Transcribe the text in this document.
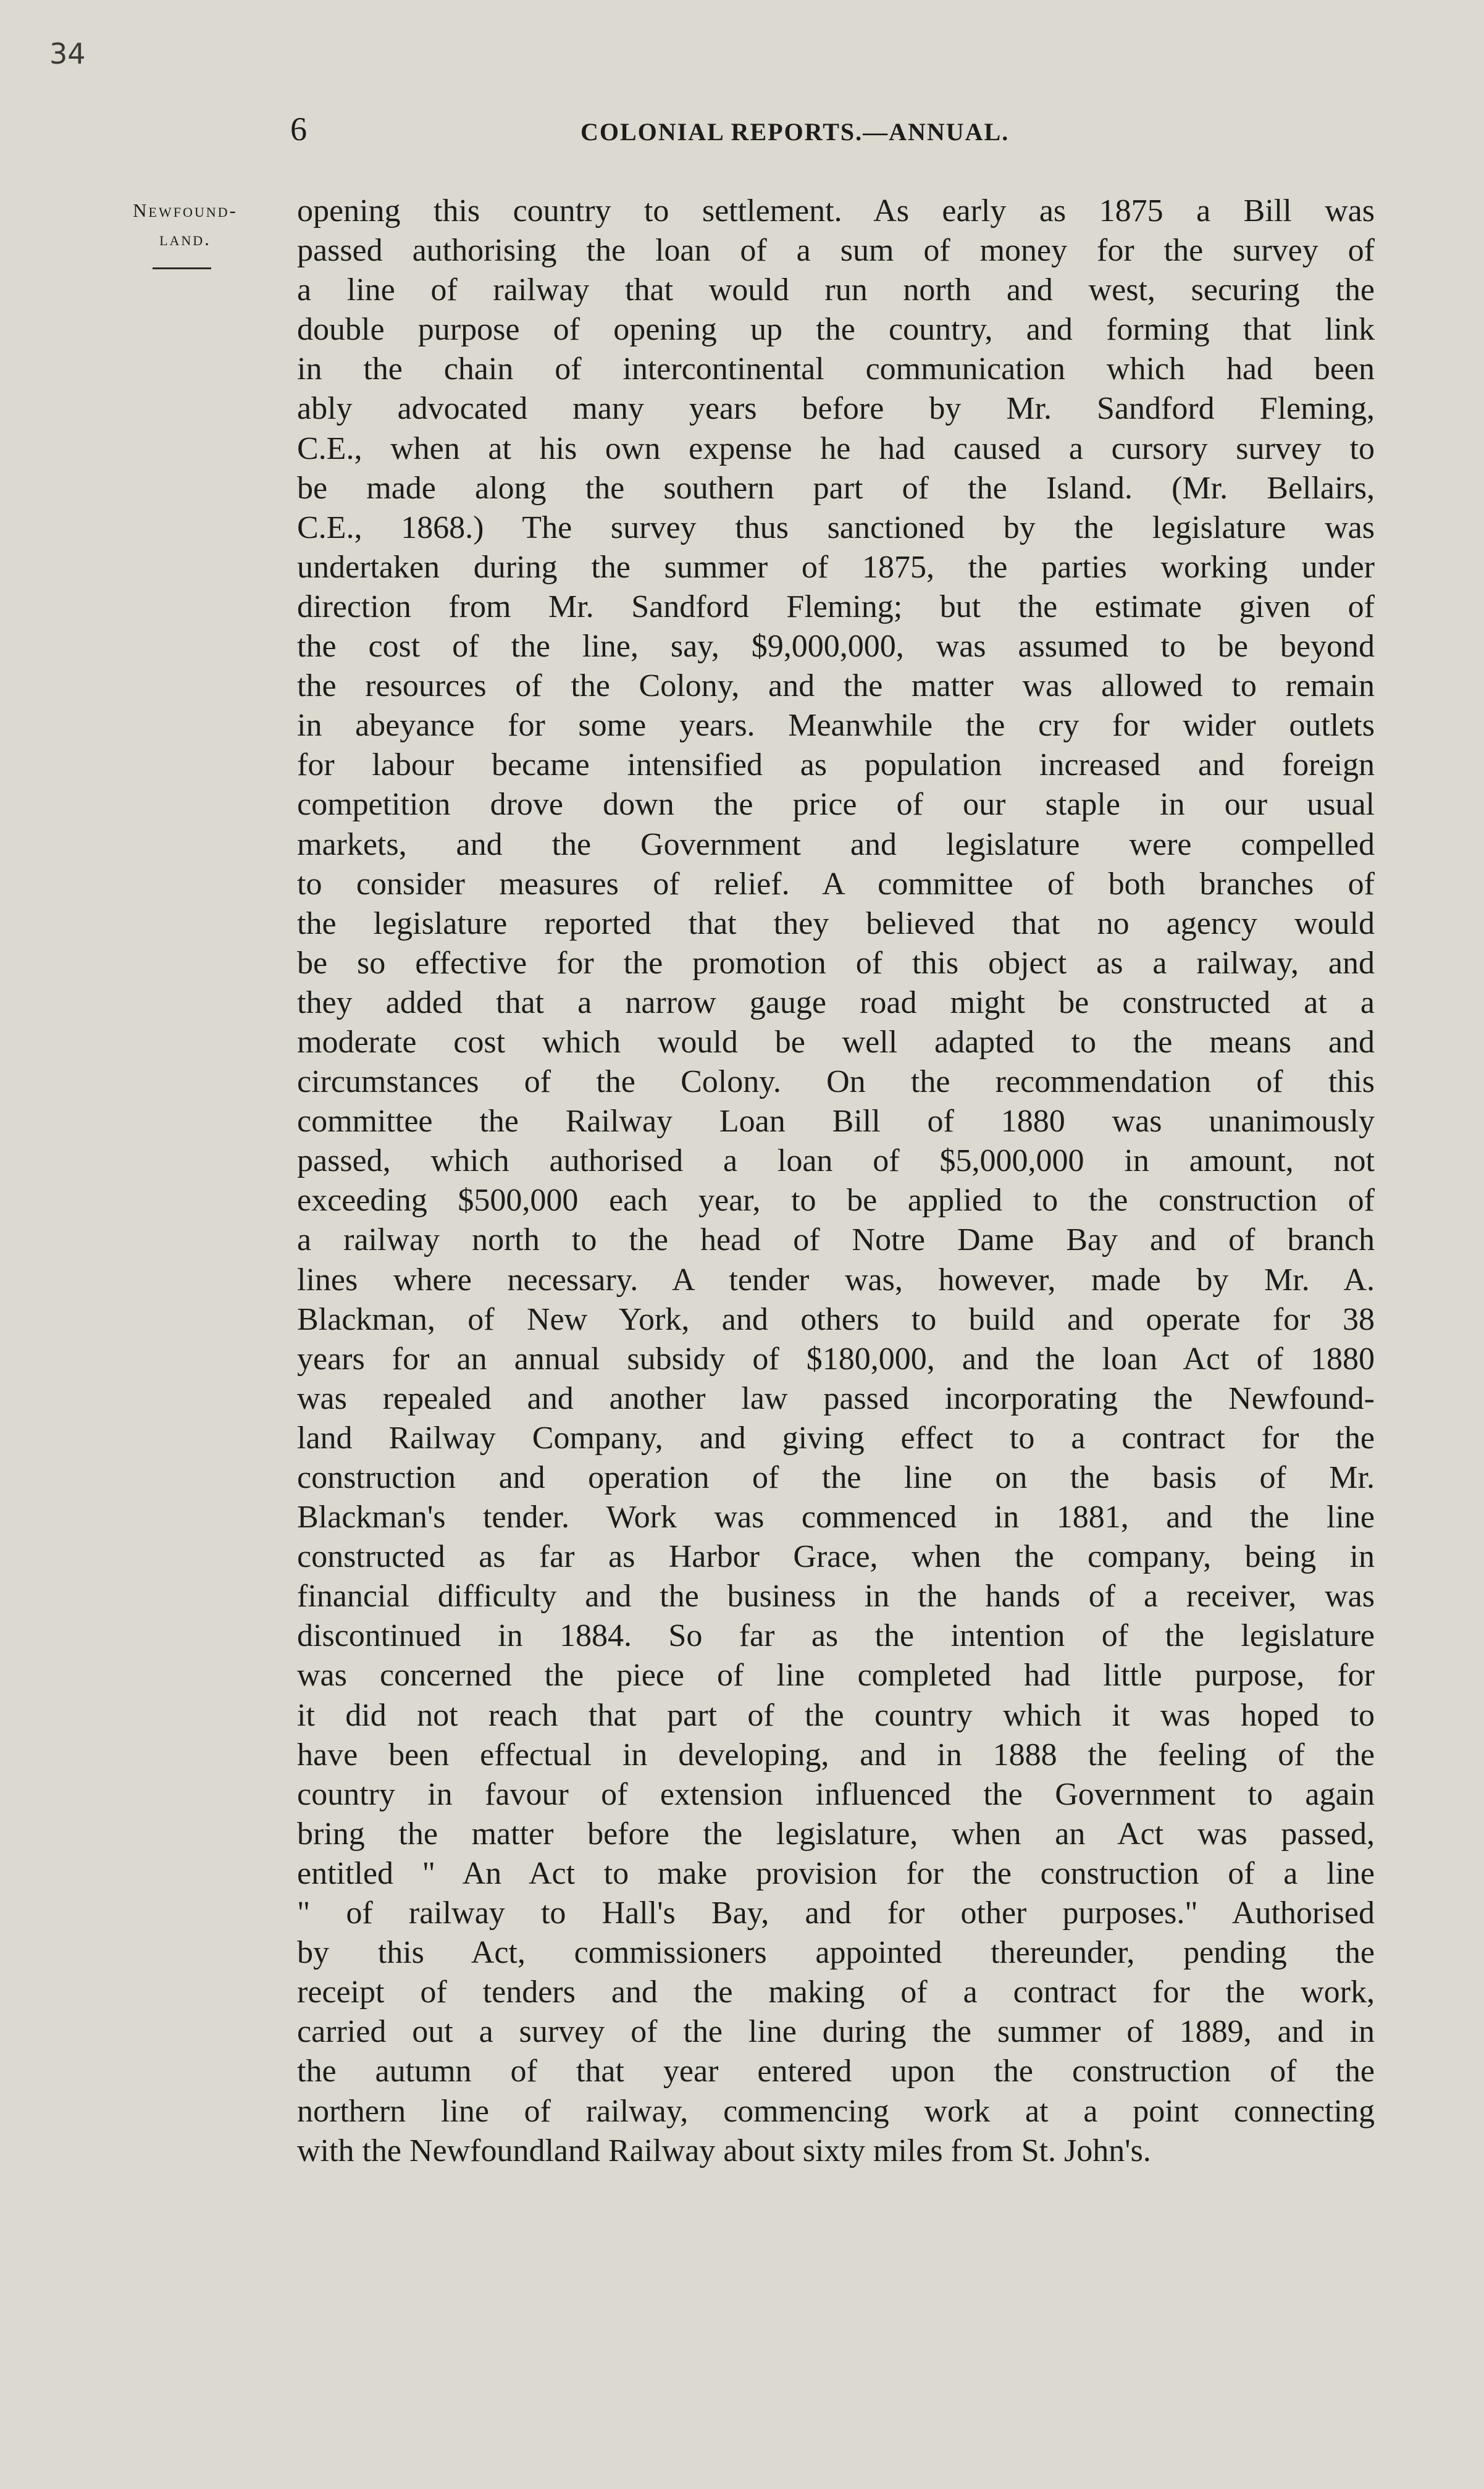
34
6	COLONIAL REPORTS.—ANNUAL.
Newfound-
land.
opening this country to settlement. As early as 1875 a Bill was
passed authorising the loan of a sum of money for the survey of
a line of railway that would run north and west, securing the
double purpose of opening up the country, and forming that link
in the chain of intercontinental communication which had been
ably advocated many years before by Mr. Sandford Fleming,
C.E., when at his own expense he had caused a cursory survey to
be made along the southern part of the Island. (Mr. Bellairs,
C.E., 1868.) The survey thus sanctioned by the legislature was
undertaken during the summer of 1875, the parties working under
direction from Mr. Sandford Fleming; but the estimate given of
the cost of the line, say, $9,000,000, was assumed to be beyond
the resources of the Colony, and the matter was allowed to remain
in abeyance for some years. Meanwhile the cry for wider outlets
for labour became intensified as population increased and foreign
competition drove down the price of our staple in our usual
markets, and the Government and legislature were compelled
to consider measures of relief. A committee of both branches of
the legislature reported that they believed that no agency would
be so effective for the promotion of this object as a railway, and
they added that a narrow gauge road might be constructed at a
moderate cost which would be well adapted to the means and
circumstances of the Colony. On the recommendation of this
committee the Railway Loan Bill of 1880 was unanimously
passed, which authorised a loan of $5,000,000 in amount, not
exceeding $500,000 each year, to be applied to the construction of
a railway north to the head of Notre Dame Bay and of branch
lines where necessary. A tender was, however, made by Mr. A.
Blackman, of New York, and others to build and operate for 38
years for an annual subsidy of $180,000, and the loan Act of 1880
was repealed and another law passed incorporating the Newfound-
land Railway Company, and giving effect to a contract for the
construction and operation of the line on the basis of Mr.
Blackman's tender. Work was commenced in 1881, and the line
constructed as far as Harbor Grace, when the company, being in
financial difficulty and the business in the hands of a receiver, was
discontinued in 1884. So far as the intention of the legislature
was concerned the piece of line completed had little purpose, for
it did not reach that part of the country which it was hoped to
have been effectual in developing, and in 1888 the feeling of the
country in favour of extension influenced the Government to again
bring the matter before the legislature, when an Act was passed,
entitled " An Act to make provision for the construction of a line
" of railway to Hall's Bay, and for other purposes." Authorised
by this Act, commissioners appointed thereunder, pending the
receipt of tenders and the making of a contract for the work,
carried out a survey of the line during the summer of 1889, and in
the autumn of that year entered upon the construction of the
northern line of railway, commencing work at a point connecting
with the Newfoundland Railway about sixty miles from St. John's.
